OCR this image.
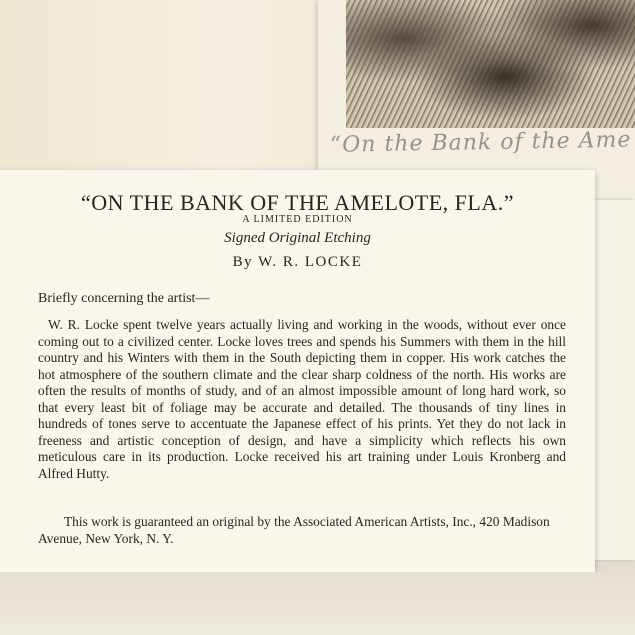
“On the Bank of the Ame
“ON THE BANK OF THE AMELOTE, FLA.”
A LIMITED EDITION
Signed Original Etching
By W. R. LOCKE
Briefly concerning the artist—
W. R. Locke spent twelve years actually living and working in the woods, without ever once coming out to a civilized center. Locke loves trees and spends his Summers with them in the hill country and his Winters with them in the South depicting them in copper. His work catches the hot atmosphere of the southern climate and the clear sharp coldness of the north. His works are often the results of months of study, and of an almost impossible amount of long hard work, so that every least bit of foliage may be accurate and detailed. The thousands of tiny lines in hundreds of tones serve to accentuate the Japanese effect of his prints. Yet they do not lack in freeness and artistic conception of design, and have a simplicity which reflects his own meticulous care in its production. Locke received his art training under Louis Kronberg and Alfred Hutty.
This work is guaranteed an original by the Associated American Artists, Inc., 420 Madison Avenue, New York, N. Y.
